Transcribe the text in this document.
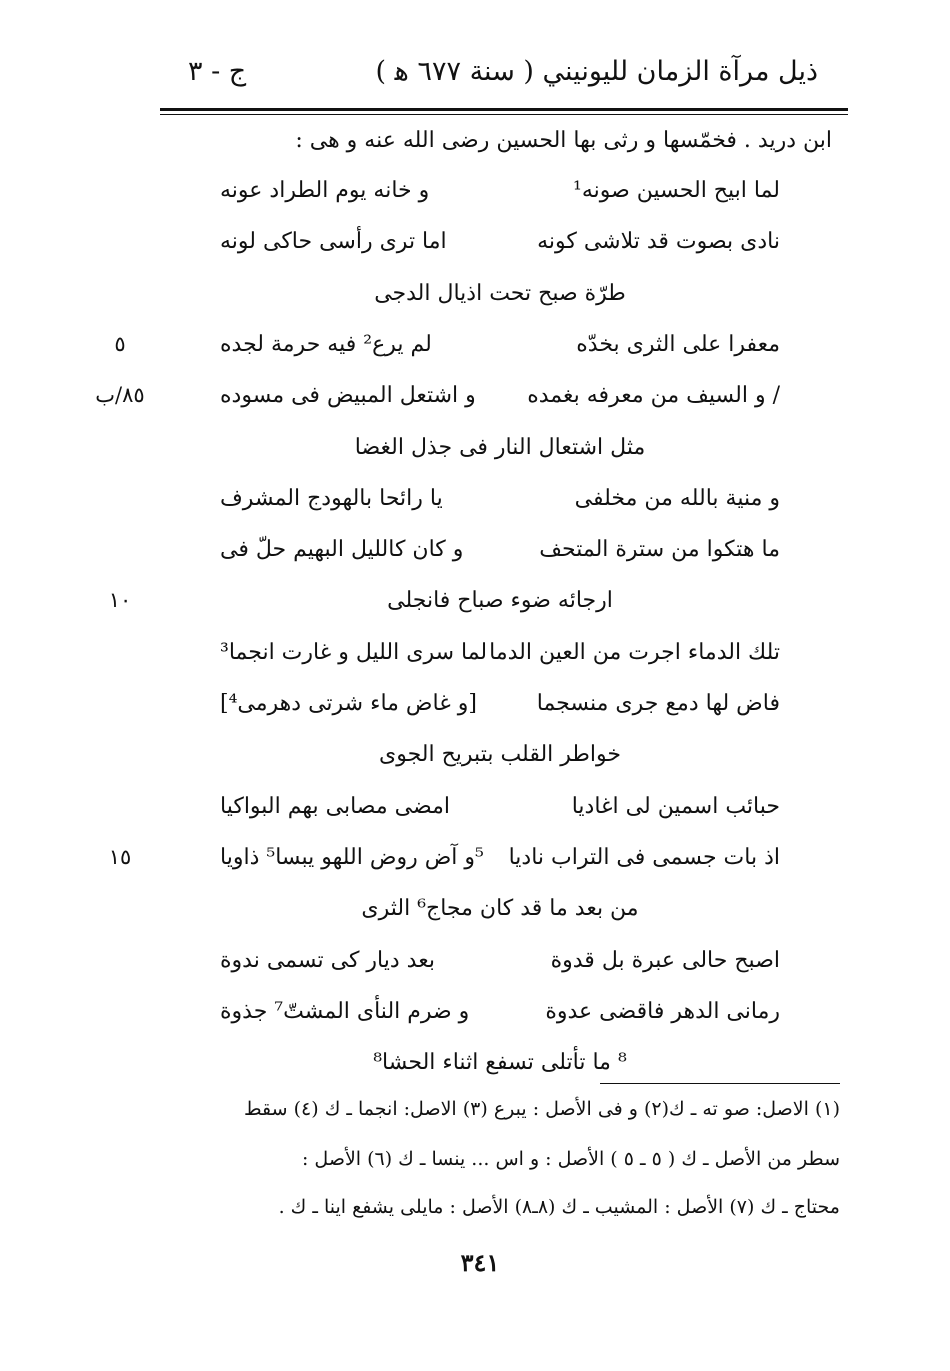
ذيل مرآة الزمان لليونيني ( سنة ٦٧٧ ﻫ )
ج - ٣
ابن دريد . فخمّسها و رثى بها الحسين رضى الله عنه و هى :
لما ابيح الحسين صونه¹
و خانه يوم الطراد عونه
نادى بصوت قد تلاشى كونه
اما ترى رأسى حاكى لونه
طرّة صبح تحت اذيال الدجى
معفرا على الثرى بخدّه
لم يرع² فيه حرمة لجده
٥
/ و السيف من معرفه بغمده
و اشتعل المبيض فى مسوده
٨٥/ب
مثل اشتعال النار فى جذل الغضا
و منية بالله من مخلفى
يا رائحا بالهودج المشرف
ما هتكوا من سترة المتحف
و كان كالليل البهيم حلّ فى
ارجائه ضوء صباح فانجلى
١٠
تلك الدماء اجرت من العين الدما
لما سرى الليل و غارت انجما³
فاض لها دمع جرى منسجما
[و غاض ماء شرتى دهرمى⁴]
خواطر القلب بتبريح الجوى
حبائب اسمين لى اغاديا
امضى مصابى بهم البواكيا
اذ بات جسمى فى التراب ناديا
⁵و آض روض اللهو يبسا⁵ ذاويا
١٥
من بعد ما قد كان مجاج⁶ الثرى
اصبح حالى عبرة بل قدوة
بعد ديار كى تسمى ندوة
رمانى الدهر فاقضى عدوة
و ضرم النأى المشتّ⁷ جذوة
⁸ ما تأتلى تسفع اثناء الحشا⁸
(١) الاصل: صو ته ـ ك(٢) و فى الأصل : يبرع (٣) الاصل: انجما ـ ك (٤) سقط
سطر من الأصل ـ ك ( ٥ ـ ٥ ) الأصل : و اس ... ينسا ـ ك (٦) الأصل :
محتاج ـ ك (٧) الأصل : المشيب ـ ك (٨ـ٨) الأصل : مايلى يشفع اينا ـ ك .
٣٤١
